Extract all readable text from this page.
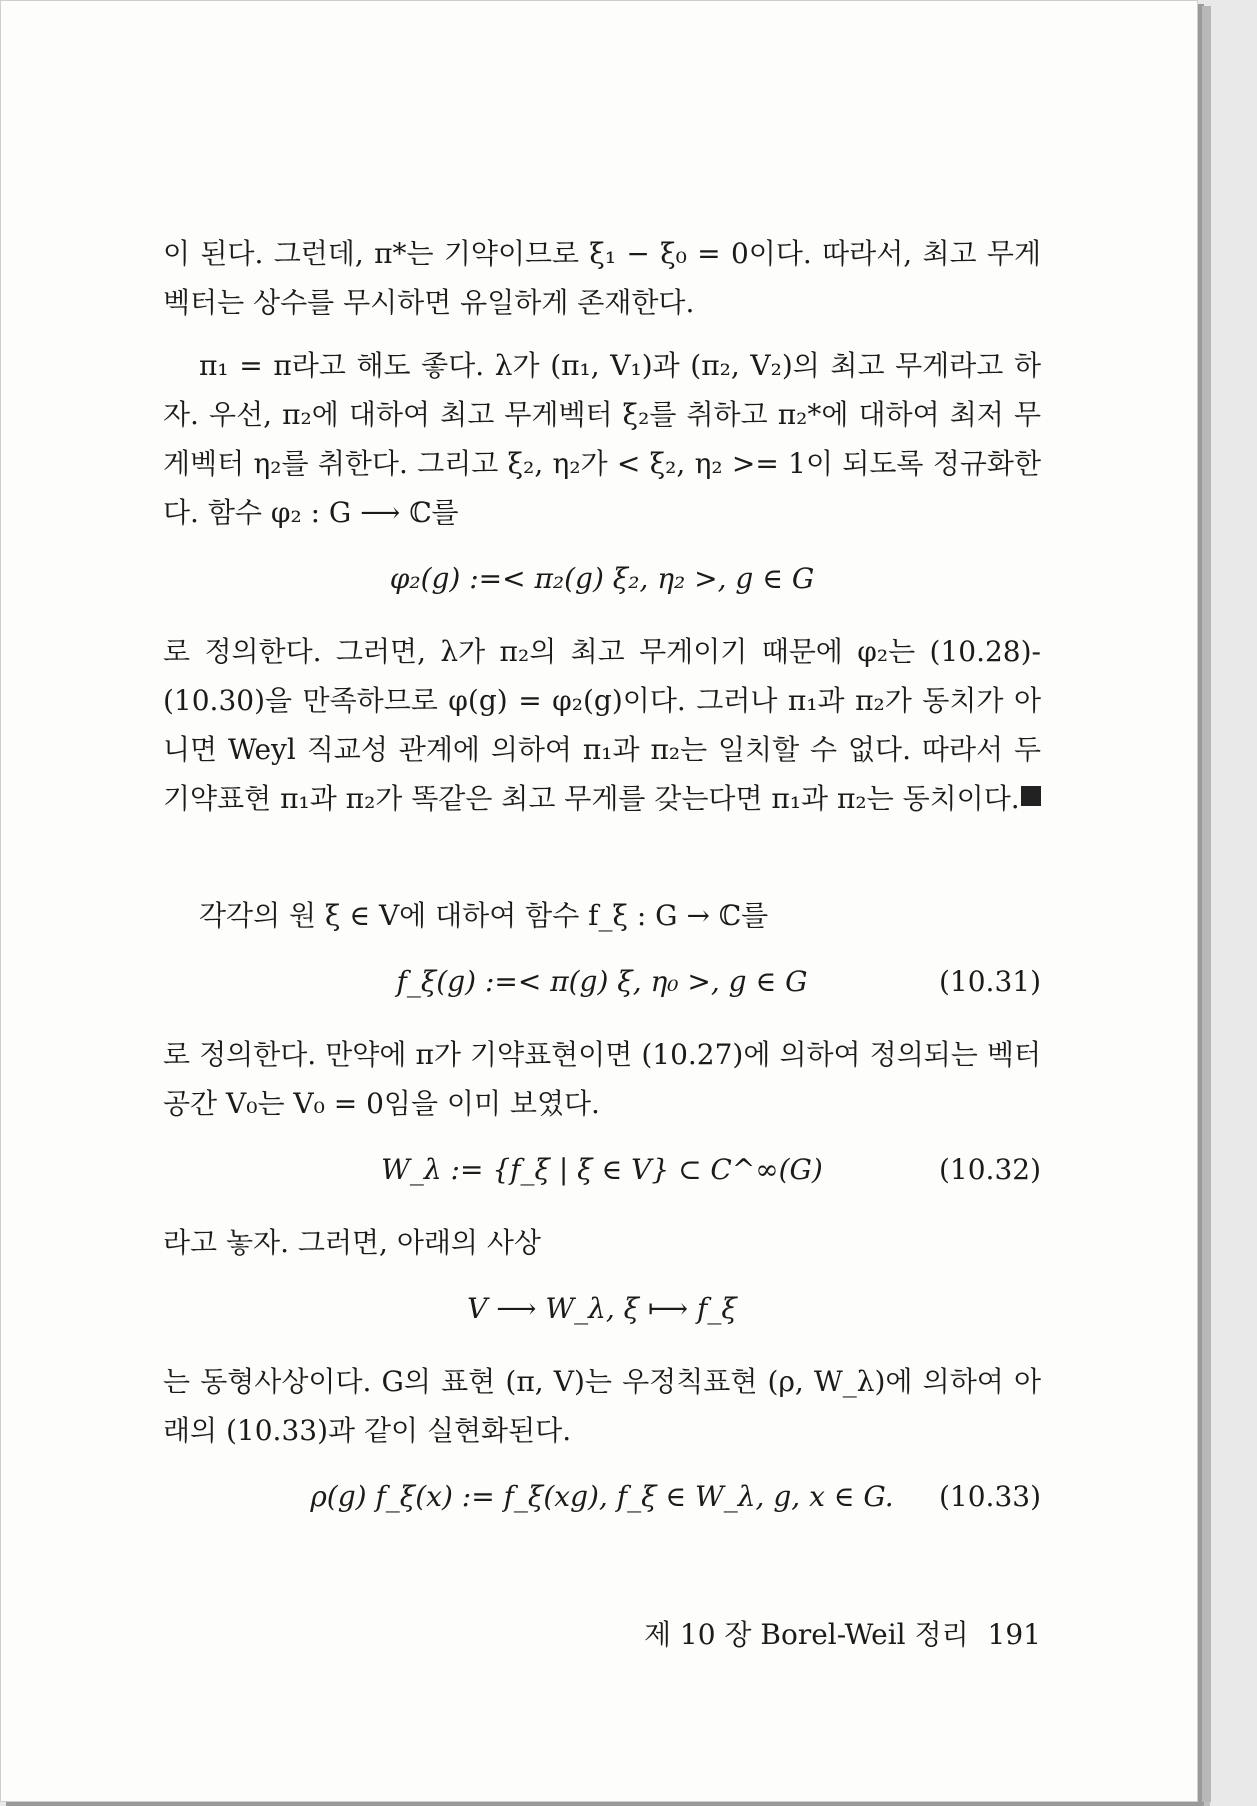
이 된다. 그런데, π*는 기약이므로 ξ₁ − ξ₀ = 0이다. 따라서, 최고 무게벡터는 상수를 무시하면 유일하게 존재한다.

π₁ = π라고 해도 좋다. λ가 (π₁, V₁)과 (π₂, V₂)의 최고 무게라고 하자. 우선, π₂에 대하여 최고 무게벡터 ξ₂를 취하고 π₂*에 대하여 최저 무게벡터 η₂를 취한다. 그리고 ξ₂, η₂가 < ξ₂, η₂ >= 1이 되도록 정규화한다. 함수 φ₂ : G ⟶ ℂ를

φ₂(g) :=< π₂(g) ξ₂, η₂ >, g ∈ G

로 정의한다. 그러면, λ가 π₂의 최고 무게이기 때문에 φ₂는 (10.28)-(10.30)을 만족하므로 φ(g) = φ₂(g)이다. 그러나 π₁과 π₂가 동치가 아니면 Weyl 직교성 관계에 의하여 π₁과 π₂는 일치할 수 없다. 따라서 두 기약표현 π₁과 π₂가 똑같은 최고 무게를 갖는다면 π₁과 π₂는 동치이다.

각각의 원 ξ ∈ V에 대하여 함수 f_ξ : G → ℂ를

f_ξ(g) :=< π(g) ξ, η₀ >, g ∈ G	(10.31)

로 정의한다. 만약에 π가 기약표현이면 (10.27)에 의하여 정의되는 벡터공간 V₀는 V₀ = 0임을 이미 보였다.

W_λ := {f_ξ | ξ ∈ V} ⊂ C^∞(G)	(10.32)

라고 놓자. 그러면, 아래의 사상

V ⟶ W_λ, ξ ⟼ f_ξ

는 동형사상이다. G의 표현 (π, V)는 우정칙표현 (ρ, W_λ)에 의하여 아래의 (10.33)과 같이 실현화된다.

ρ(g) f_ξ(x) := f_ξ(xg), f_ξ ∈ W_λ, g, x ∈ G. (10.33)
제 10 장 Borel-Weil 정리 191
